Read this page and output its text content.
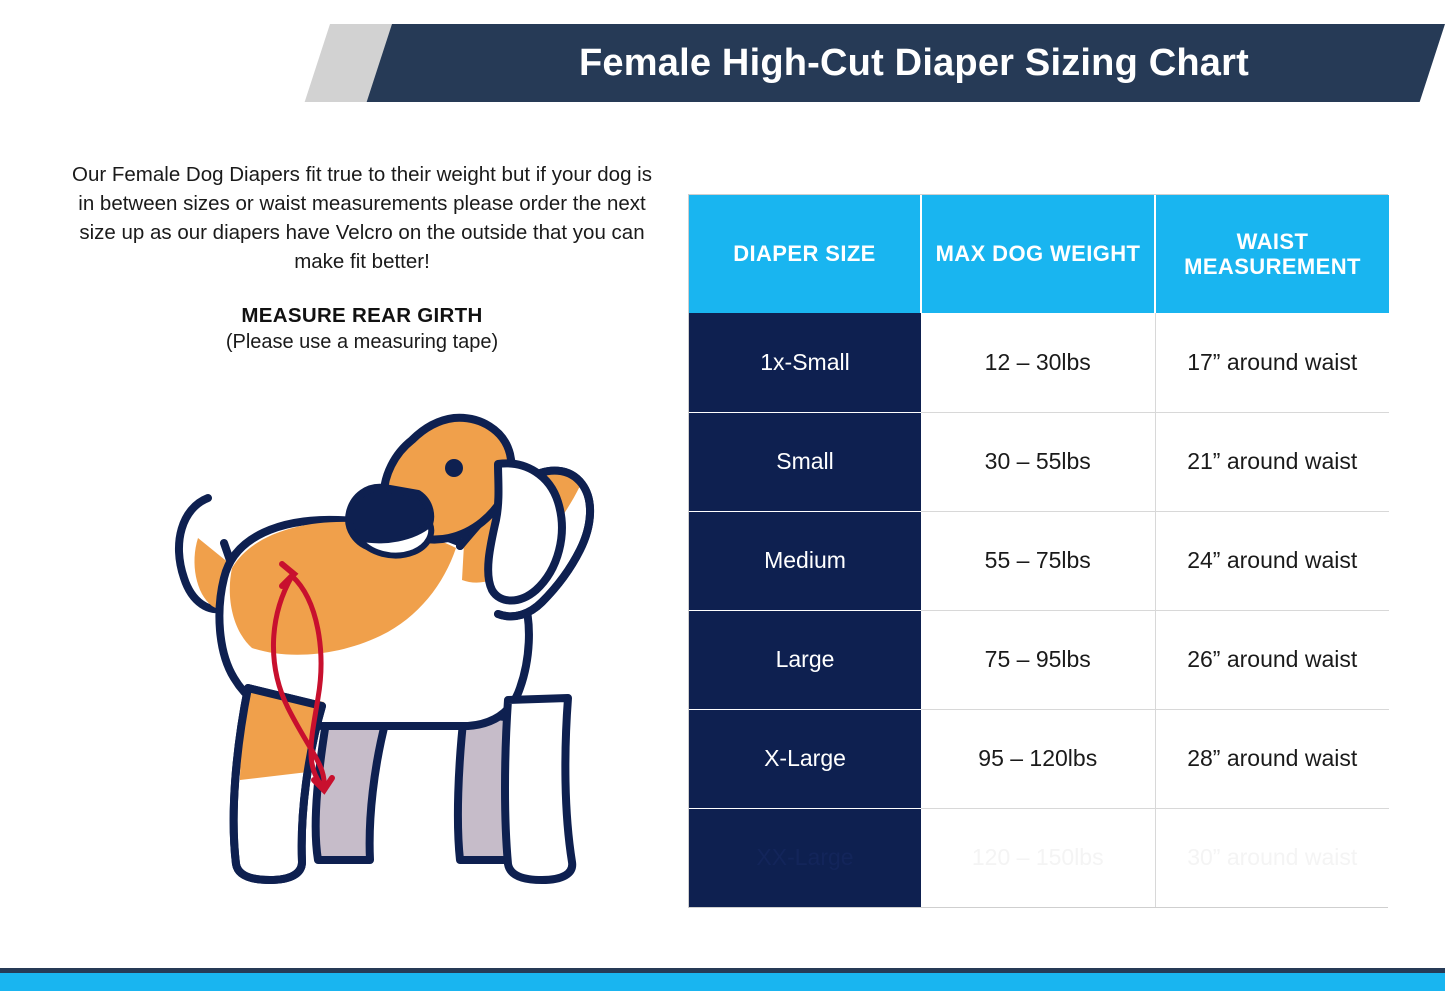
Female High-Cut Diaper Sizing Chart

Our Female Dog Diapers fit true to their weight but if your dog is in between sizes or waist measurements please order the next size up as our diapers have Velcro on the outside that you can make fit better!

MEASURE REAR GIRTH
(Please use a measuring tape)
DIAPER SIZE	MAX DOG WEIGHT	WAIST MEASUREMENT
1x-Small	12 – 30lbs	17” around waist
Small	30 – 55lbs	21” around waist
Medium	55 – 75lbs	24” around waist
Large	75 – 95lbs	26” around waist
X-Large	95 – 120lbs	28” around waist
XX-Large	120 – 150lbs	30” around waist
